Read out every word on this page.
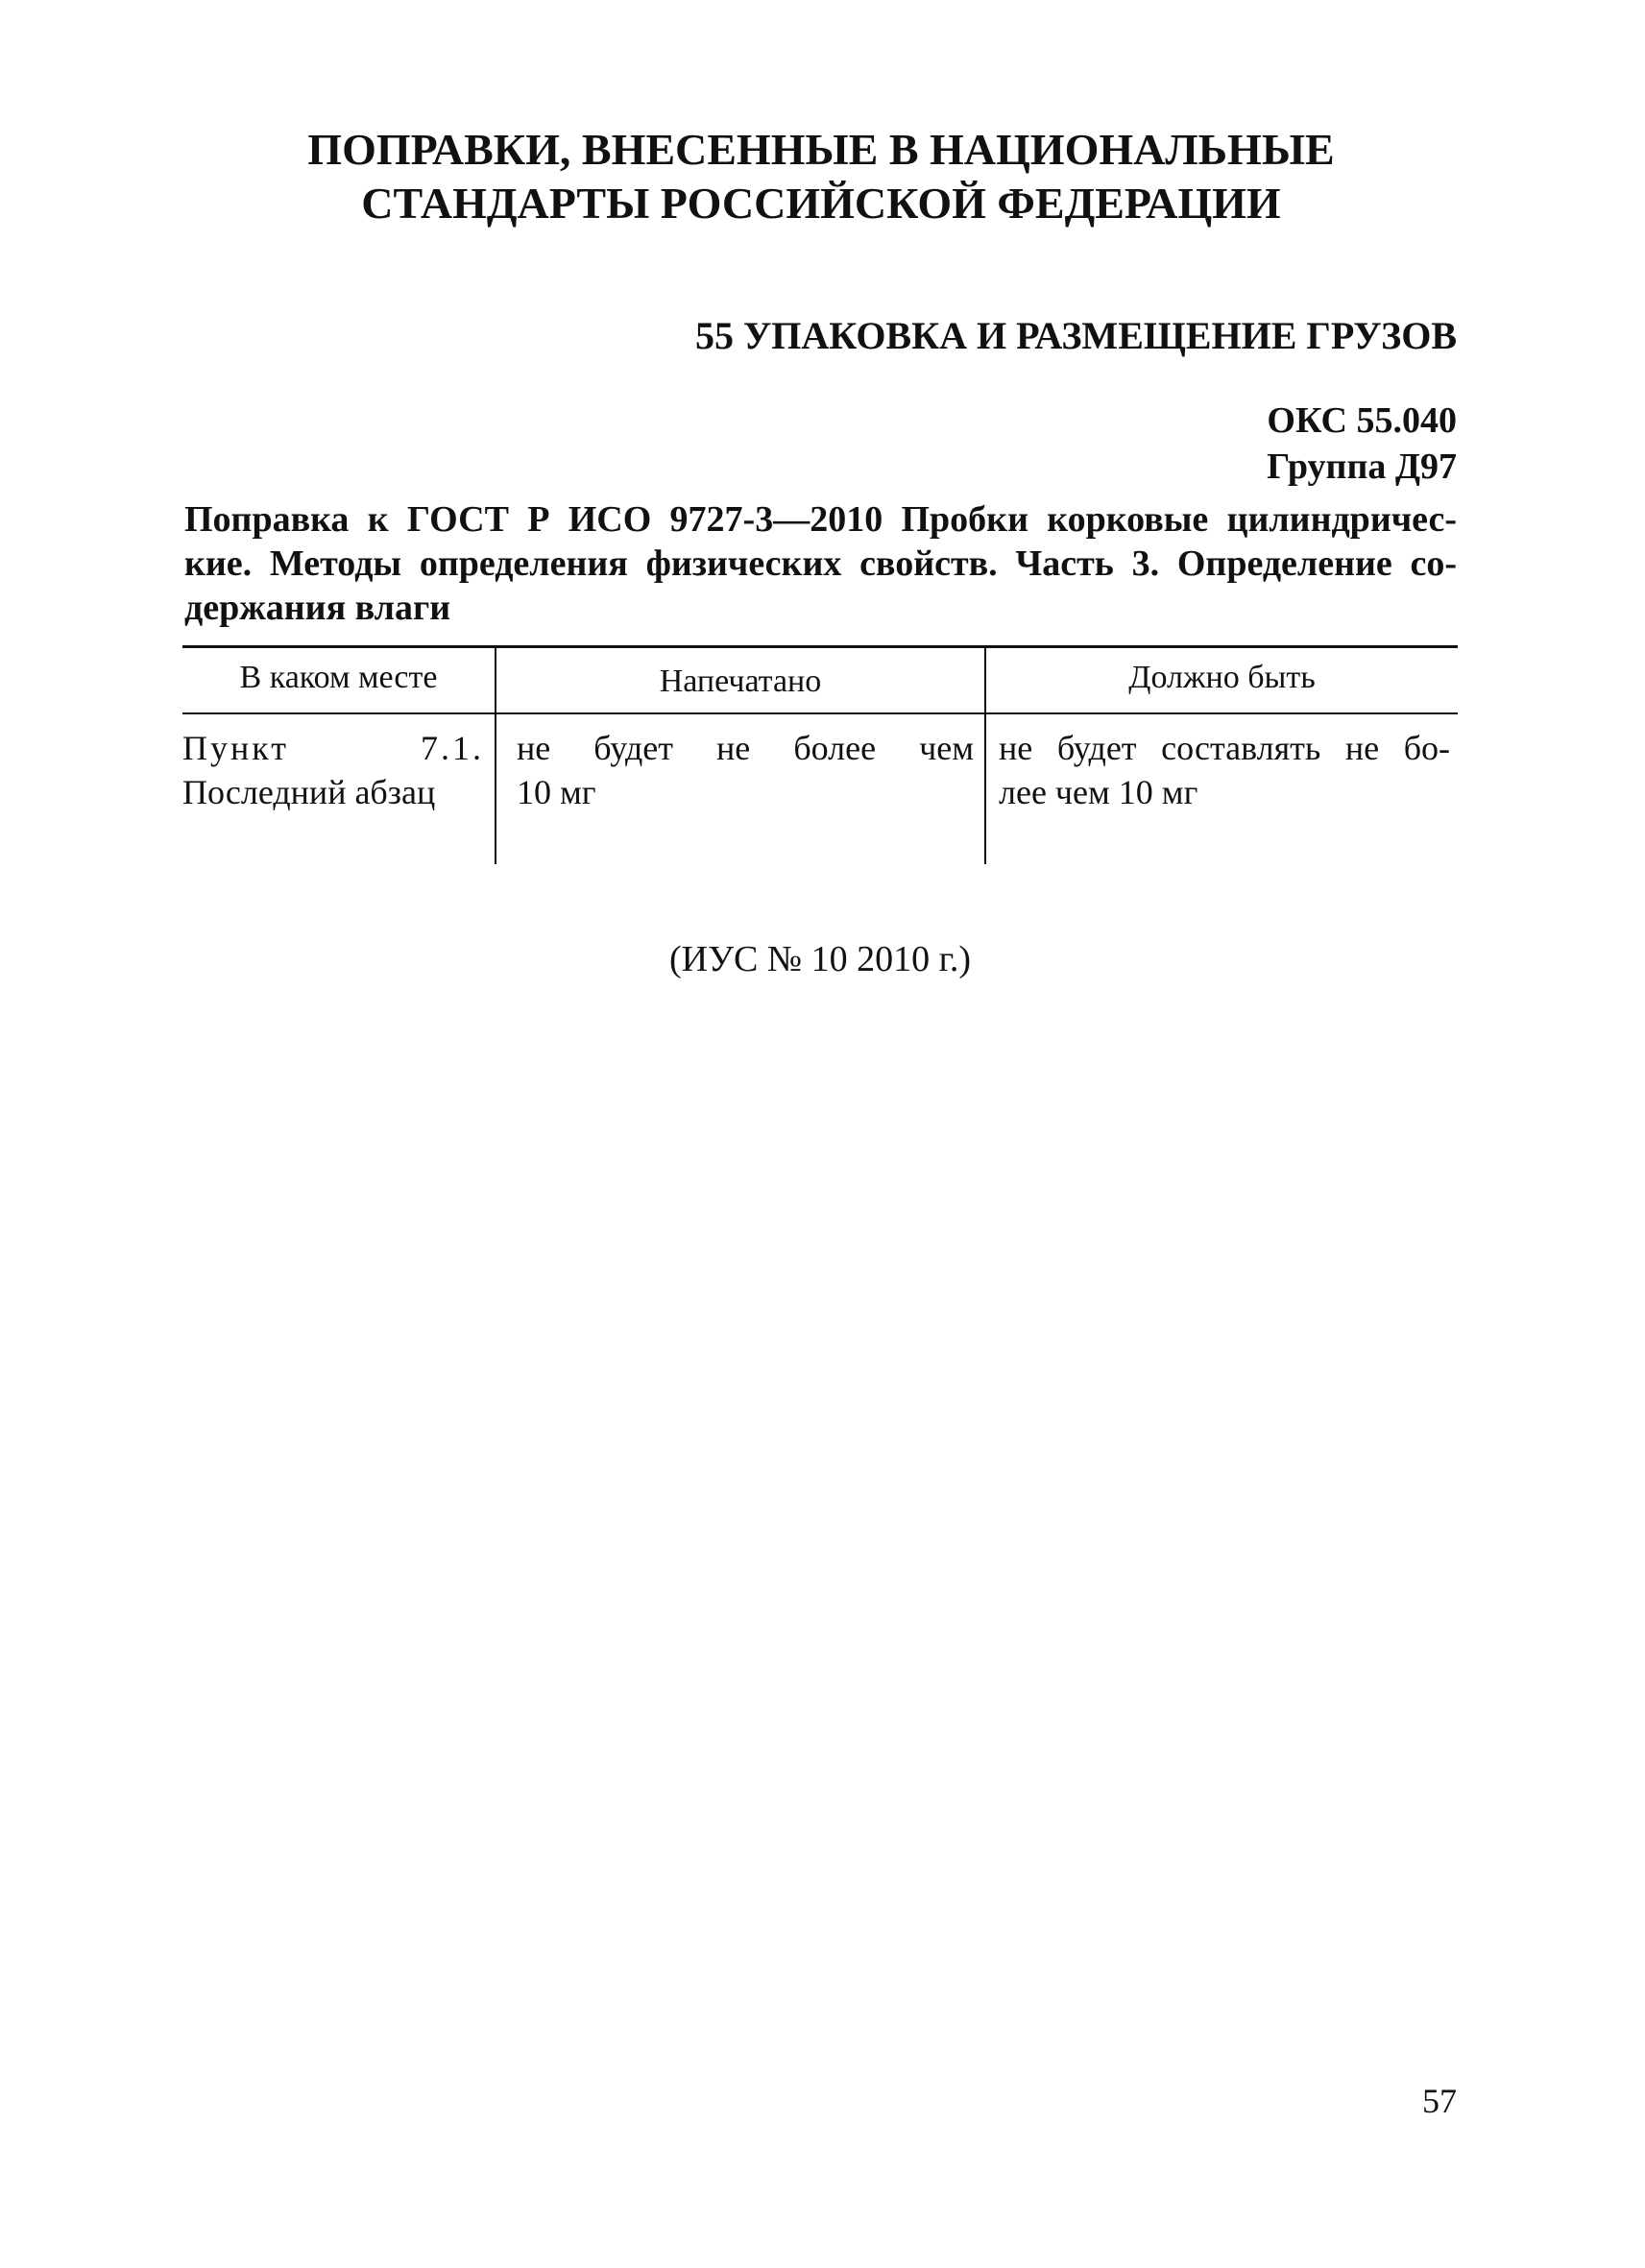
ПОПРАВКИ, ВНЕСЕННЫЕ В НАЦИОНАЛЬНЫЕ
СТАНДАРТЫ РОССИЙСКОЙ ФЕДЕРАЦИИ
55 УПАКОВКА И РАЗМЕЩЕНИЕ ГРУЗОВ
ОКС 55.040
Группа Д97
Поправка к ГОСТ Р ИСО 9727-3—2010 Пробки корковые цилиндричес-
кие. Методы определения физических свойств. Часть 3. Определение со-
держания влаги
В каком месте	Напечатано	Должно быть
Пункт 7.1.
Последний абзац
не будет не более чем
10 мг
не будет составлять не бо-
лее чем 10 мг
(ИУС № 10 2010 г.)
57
